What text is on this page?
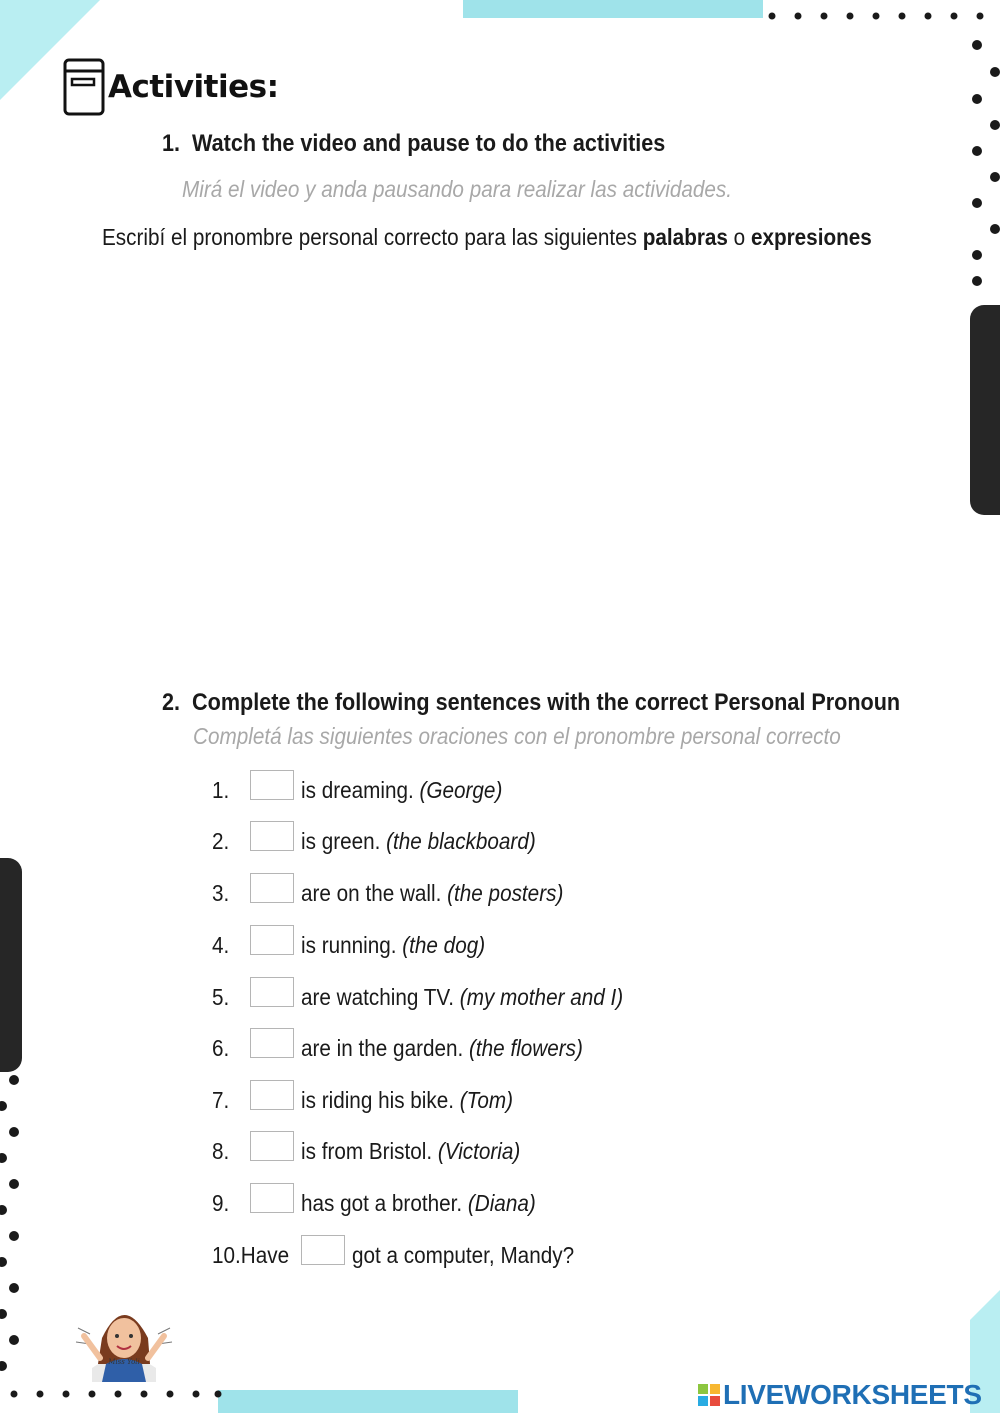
Activities:
1. Watch the video and pause to do the activities
Mirá el video y anda pausando para realizar las actividades.
Escribí el pronombre personal correcto para las siguientes palabras o expresiones
2. Complete the following sentences with the correct Personal Pronoun
Completá las siguientes oraciones con el pronombre personal correcto
1.	is dreaming. (George)
2.	is green. (the blackboard)
3.	are on the wall. (the posters)
4.	is running. (the dog)
5.	are watching TV. (my mother and I)
6.	are in the garden. (the flowers)
7.	is riding his bike. (Tom)
8.	is from Bristol. (Victoria)
9.	has got a brother. (Diana)
10.Have	got a computer, Mandy?
Miss Yoli
LIVEWORKSHEETS
